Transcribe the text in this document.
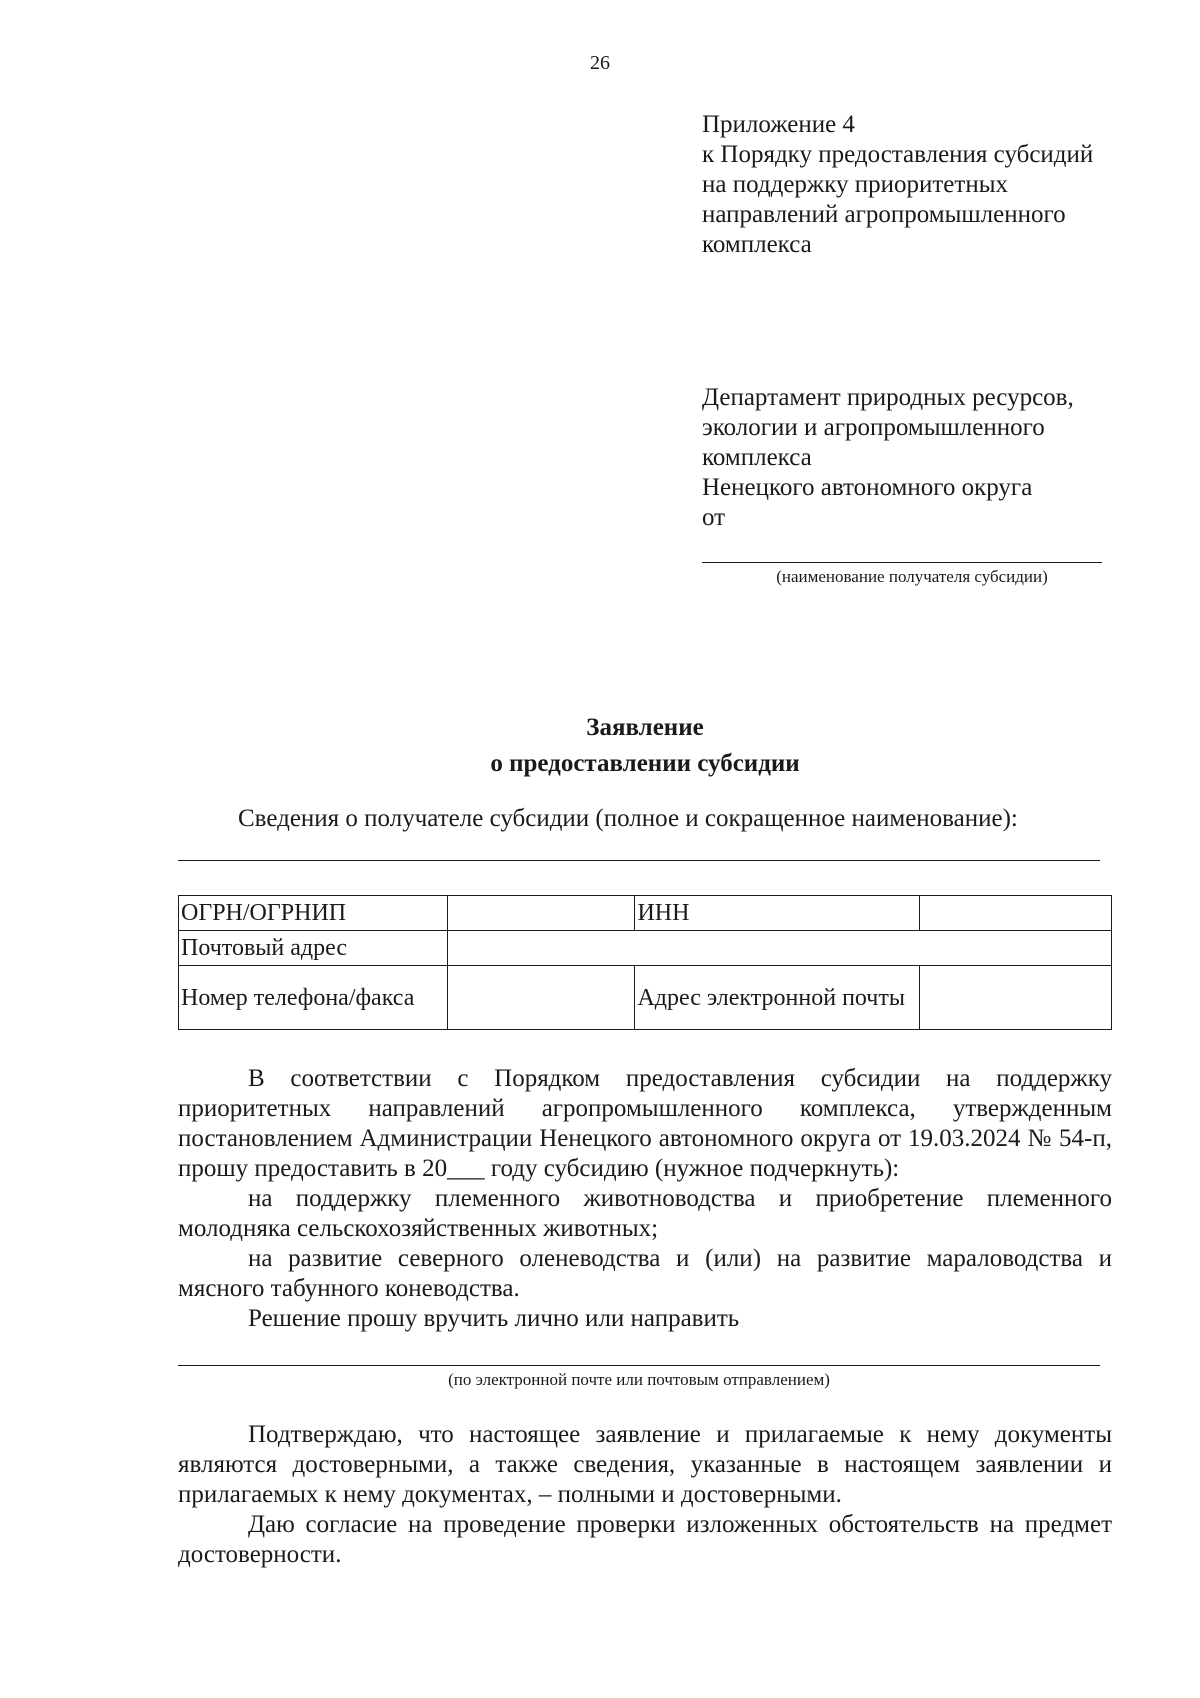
26
Приложение 4
к Порядку предоставления субсидий
на поддержку приоритетных
направлений агропромышленного
комплекса
Департамент природных ресурсов,
экологии и агропромышленного
комплекса
Ненецкого автономного округа
от
(наименование получателя субсидии)
Заявление
о предоставлении субсидии
Сведения о получателе субсидии (полное и сокращенное наименование):
ОГРН/ОГРНИП		ИНН	
Почтовый адрес			
Номер телефона/факса		Адрес электронной почты	

В соответствии с Порядком предоставления субсидии на поддержку приоритетных направлений агропромышленного комплекса, утвержденным постановлением Администрации Ненецкого автономного округа от 19.03.2024 № 54-п, прошу предоставить в 20___ году субсидию (нужное подчеркнуть):

на поддержку племенного животноводства и приобретение племенного молодняка сельскохозяйственных животных;

на развитие северного оленеводства и (или) на развитие мараловодства и мясного табунного коневодства.

Решение прошу вручить лично или направить

(по электронной почте или почтовым отправлением)

Подтверждаю, что настоящее заявление и прилагаемые к нему документы являются достоверными, а также сведения, указанные в настоящем заявлении и прилагаемых к нему документах, – полными и достоверными.

Даю согласие на проведение проверки изложенных обстоятельств на предмет достоверности.
